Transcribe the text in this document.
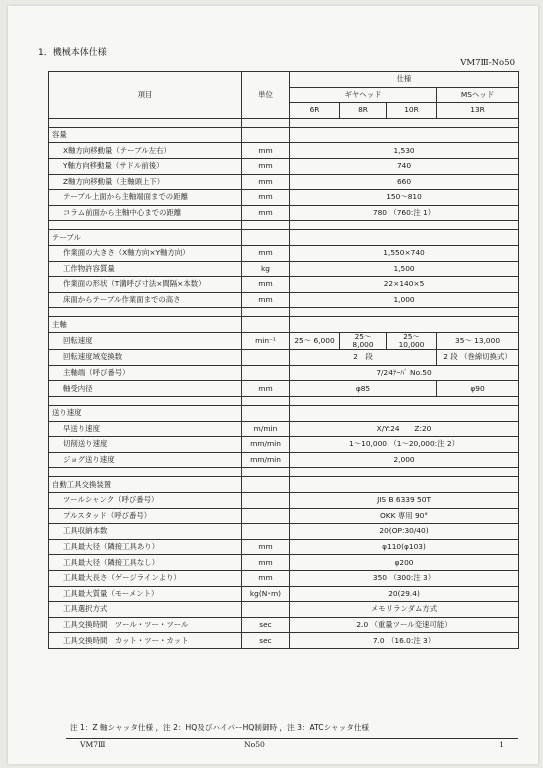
1．機械本体仕様
VM7Ⅲ-No50
項目	単位	仕様			
		ギヤヘッド			MSヘッド
		6R	8R	10R	13R

容量					
X軸方向移動量（テーブル左右）	mm	1,530			
Y軸方向移動量（サドル前後）	mm	740			
Z軸方向移動量（主軸頭上下）	mm	660			
テーブル上面から主軸端面までの距離	mm	150～810			
コラム前面から主軸中心までの距離	mm	780 （760:注 1）			

テーブル					
作業面の大きさ（X軸方向×Y軸方向）	mm	1,550×740			
工作物許容質量	kg	1,500			
作業面の形状（T溝呼び寸法×間隔×本数）	mm	22×140×5			
床面からテーブル作業面までの高さ	mm	1,000			

主軸					
回転速度	min⁻¹	25～ 6,000	25～ 8,000	25～ 10,000	35～ 13,000
回転速度域変換数		2　段			2 段 （巻線切換式）
主軸端（呼び番号）		7/24ﾃｰﾊﾟ No.50			
軸受内径	mm	φ85			φ90

送り速度					
早送り速度	m/min	X/Y:24　　Z:20			
切削送り速度	mm/min	1～10,000 （1～20,000:注 2）			
ジョグ送り速度	mm/min	2,000			

自動工具交換装置					
ツールシャンク（呼び番号）		JIS B 6339 50T			
プルスタッド（呼び番号）		OKK 専用 90°			
工具収納本数		20(OP:30/40)			
工具最大径（隣接工具あり）	mm	φ110(φ103)			
工具最大径（隣接工具なし）	mm	φ200			
工具最大長さ（ゲージラインより）	mm	350 （300:注 3）			
工具最大質量（モーメント）	kg(N･m)	20(29.4)			
工具選択方式		メモリランダム方式			
工具交換時間　ツール・ツー・ツール	sec	2.0 （重量ツール変速可能）			
工具交換時間　カット・ツー・カット	sec	7.0 （16.0:注 3）			
注 1：Z 軸シャッタ仕様 ，注 2：HQ及びハイパーHQ制御時 ，注 3：ATCシャッタ仕様
VM7Ⅲ	No50	1
